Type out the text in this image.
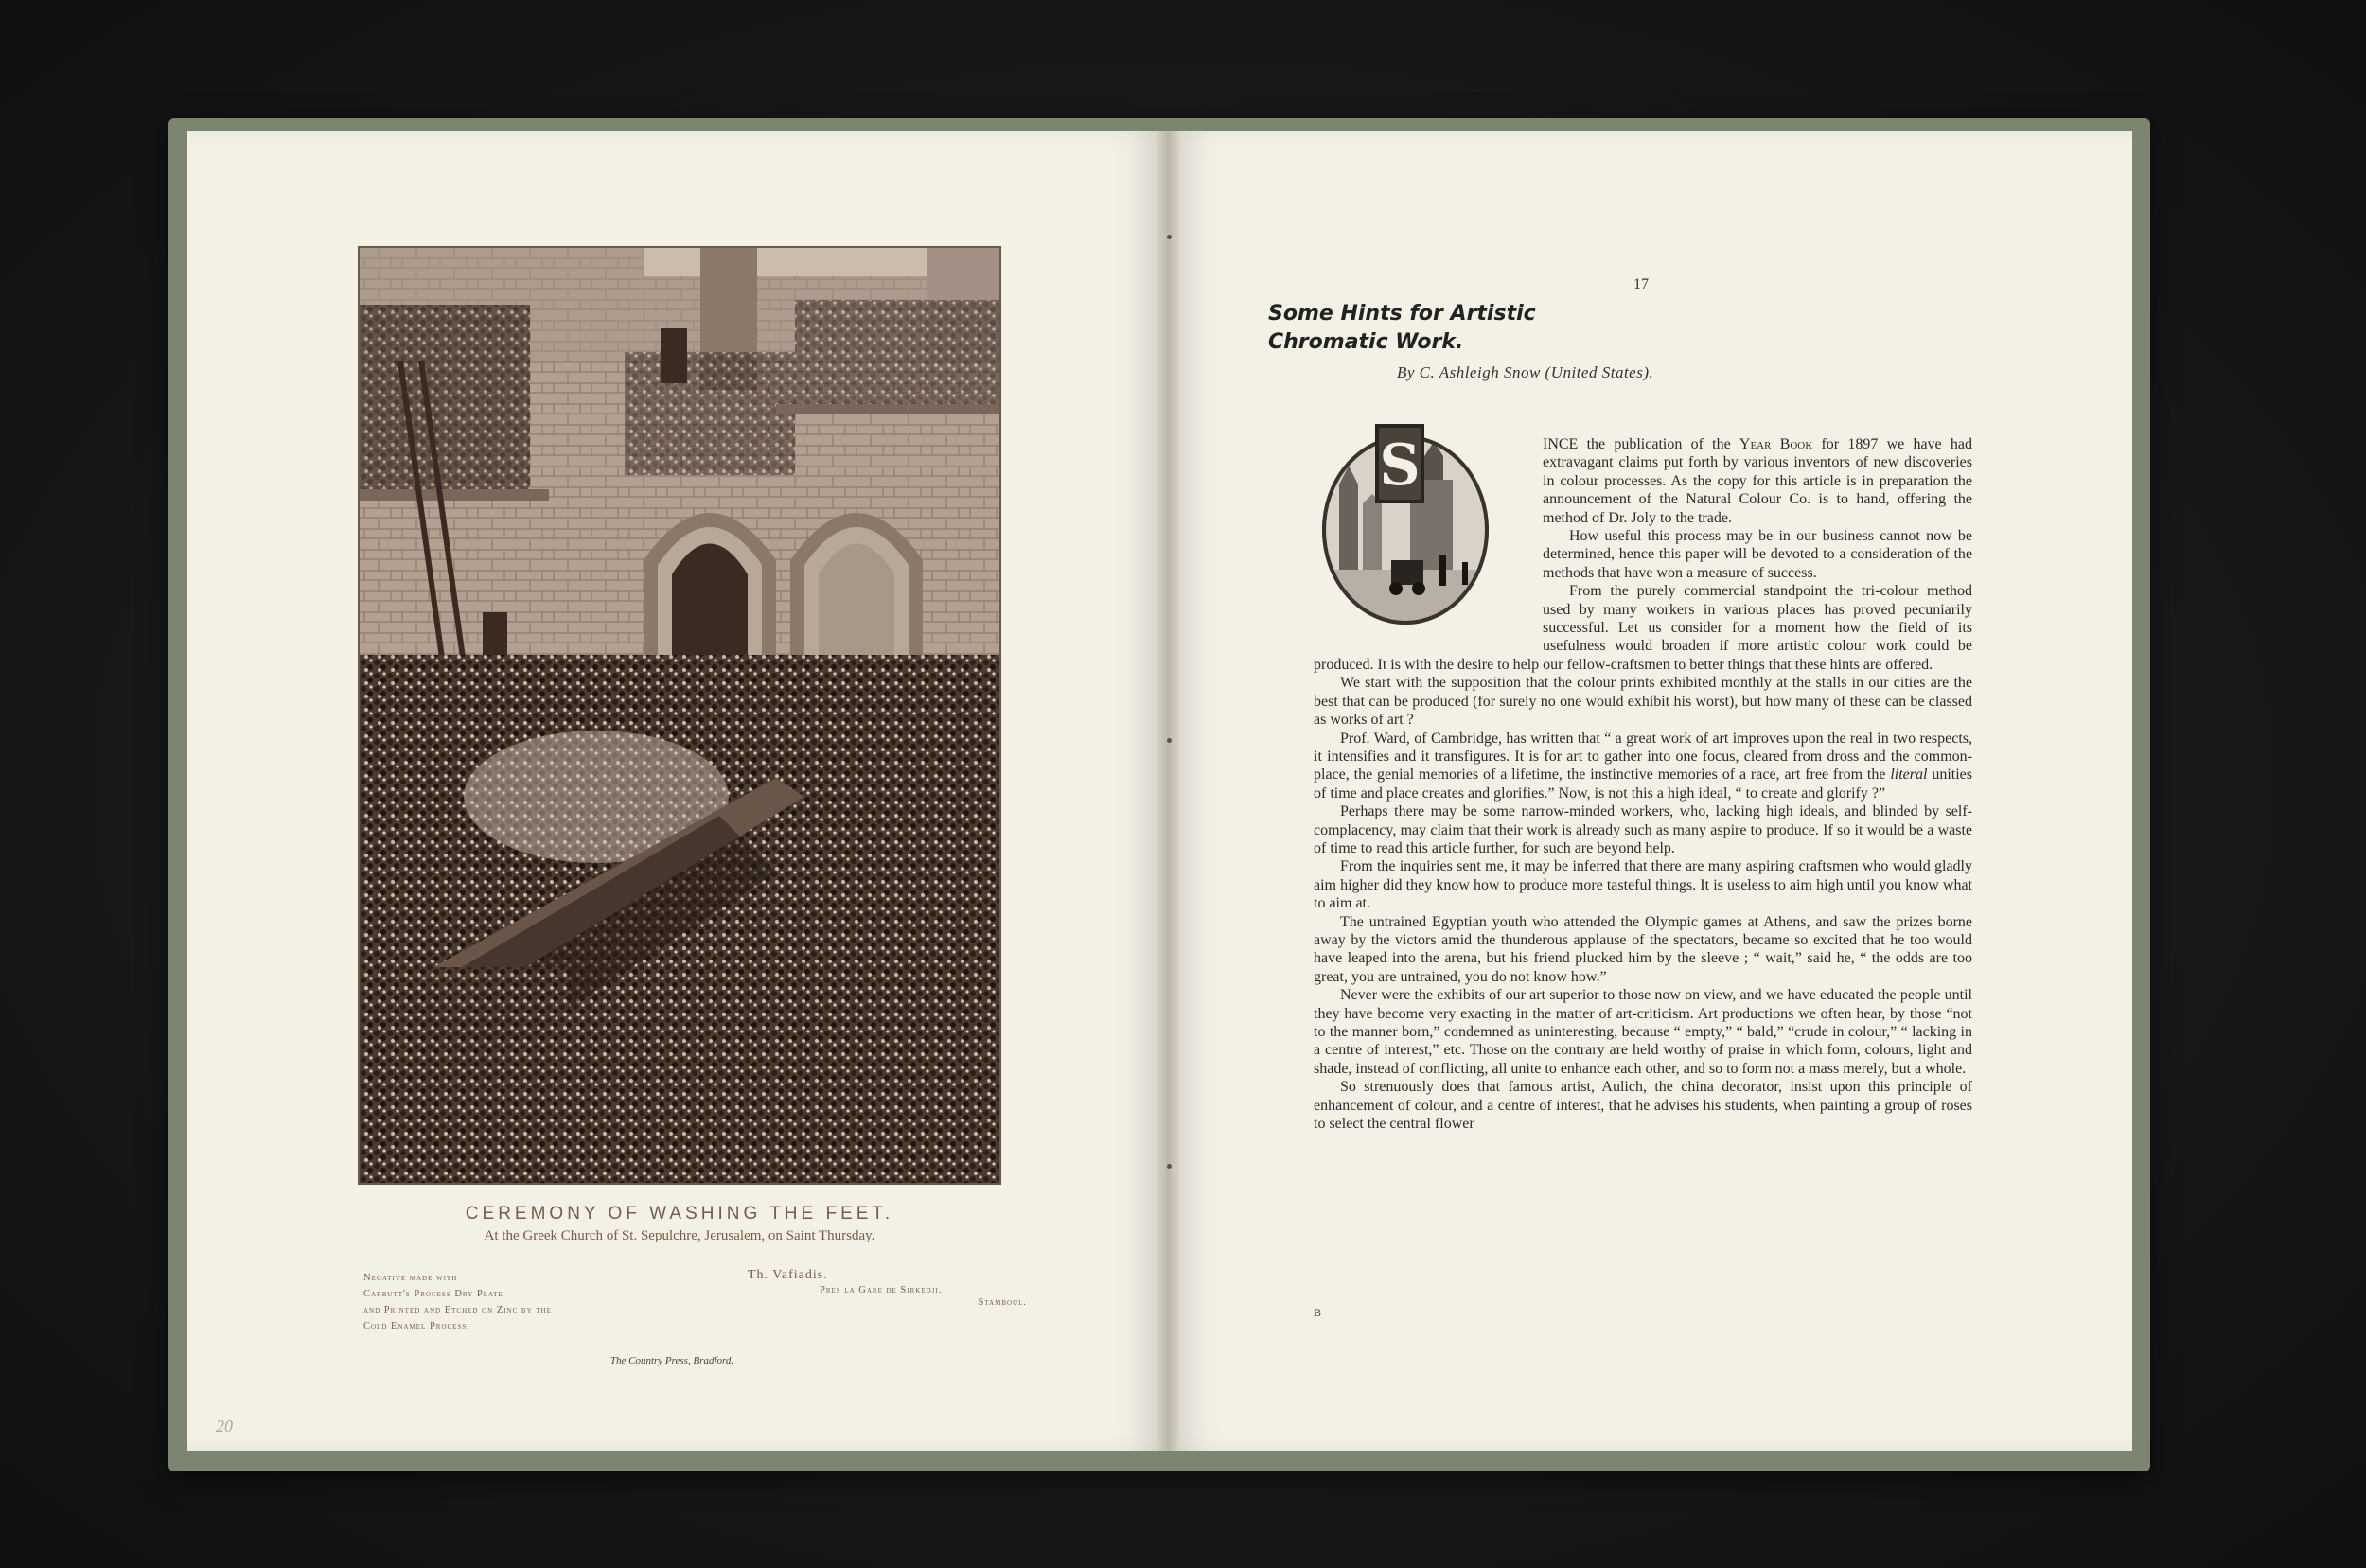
CEREMONY OF WASHING THE FEET.
At the Greek Church of St. Sepulchre, Jerusalem, on Saint Thursday.
Negative made with
Carbutt's Process Dry Plate
and Printed and Etched on Zinc by the
Cold Enamel Process.
Th. Vafiadis.
Pres la Gare de Sirkedji.
Stamboul.
The Country Press, Bradford.
20
17
Some Hints for Artistic
Chromatic Work.
By C. Ashleigh Snow (United States).
S	INCE the publication of the Year Book for 1897 we have had extravagant claims put forth by various inventors of new discoveries in colour processes. As the copy for this article is in preparation the announcement of the Natural Colour Co. is to hand, offering the method of Dr. Joly to the trade.

How useful this process may be in our business cannot now be determined, hence this paper will be devoted to a consideration of the methods that have won a measure of success.

From the purely commercial standpoint the tri-colour method used by many workers in various places has proved pecuniarily successful. Let us consider for a moment how the field of its usefulness would broaden if more artistic colour work could be produced. It is with the desire to help our fellow-craftsmen to better things that these hints are offered.

We start with the supposition that the colour prints exhibited monthly at the stalls in our cities are the best that can be produced (for surely no one would exhibit his worst), but how many of these can be classed as works of art ?

Prof. Ward, of Cambridge, has written that “ a great work of art improves upon the real in two respects, it intensifies and it transfigures. It is for art to gather into one focus, cleared from dross and the common-place, the genial memories of a lifetime, the instinctive memories of a race, art free from the literal unities of time and place creates and glorifies.” Now, is not this a high ideal, “ to create and glorify ?”

Perhaps there may be some narrow-minded workers, who, lacking high ideals, and blinded by self-complacency, may claim that their work is already such as many aspire to produce. If so it would be a waste of time to read this article further, for such are beyond help.

From the inquiries sent me, it may be inferred that there are many aspiring craftsmen who would gladly aim higher did they know how to produce more tasteful things. It is useless to aim high until you know what to aim at.

The untrained Egyptian youth who attended the Olympic games at Athens, and saw the prizes borne away by the victors amid the thunderous applause of the spectators, became so excited that he too would have leaped into the arena, but his friend plucked him by the sleeve ; “ wait,” said he, “ the odds are too great, you are untrained, you do not know how.”

Never were the exhibits of our art superior to those now on view, and we have educated the people until they have become very exacting in the matter of art-criticism. Art productions we often hear, by those “not to the manner born,” condemned as uninteresting, because “ empty,” “ bald,” “crude in colour,” “ lacking in a centre of interest,” etc. Those on the contrary are held worthy of praise in which form, colours, light and shade, instead of conflicting, all unite to enhance each other, and so to form not a mass merely, but a whole.

So strenuously does that famous artist, Aulich, the china decorator, insist upon this principle of enhancement of colour, and a centre of interest, that he advises his students, when painting a group of roses to select the central flower

B
